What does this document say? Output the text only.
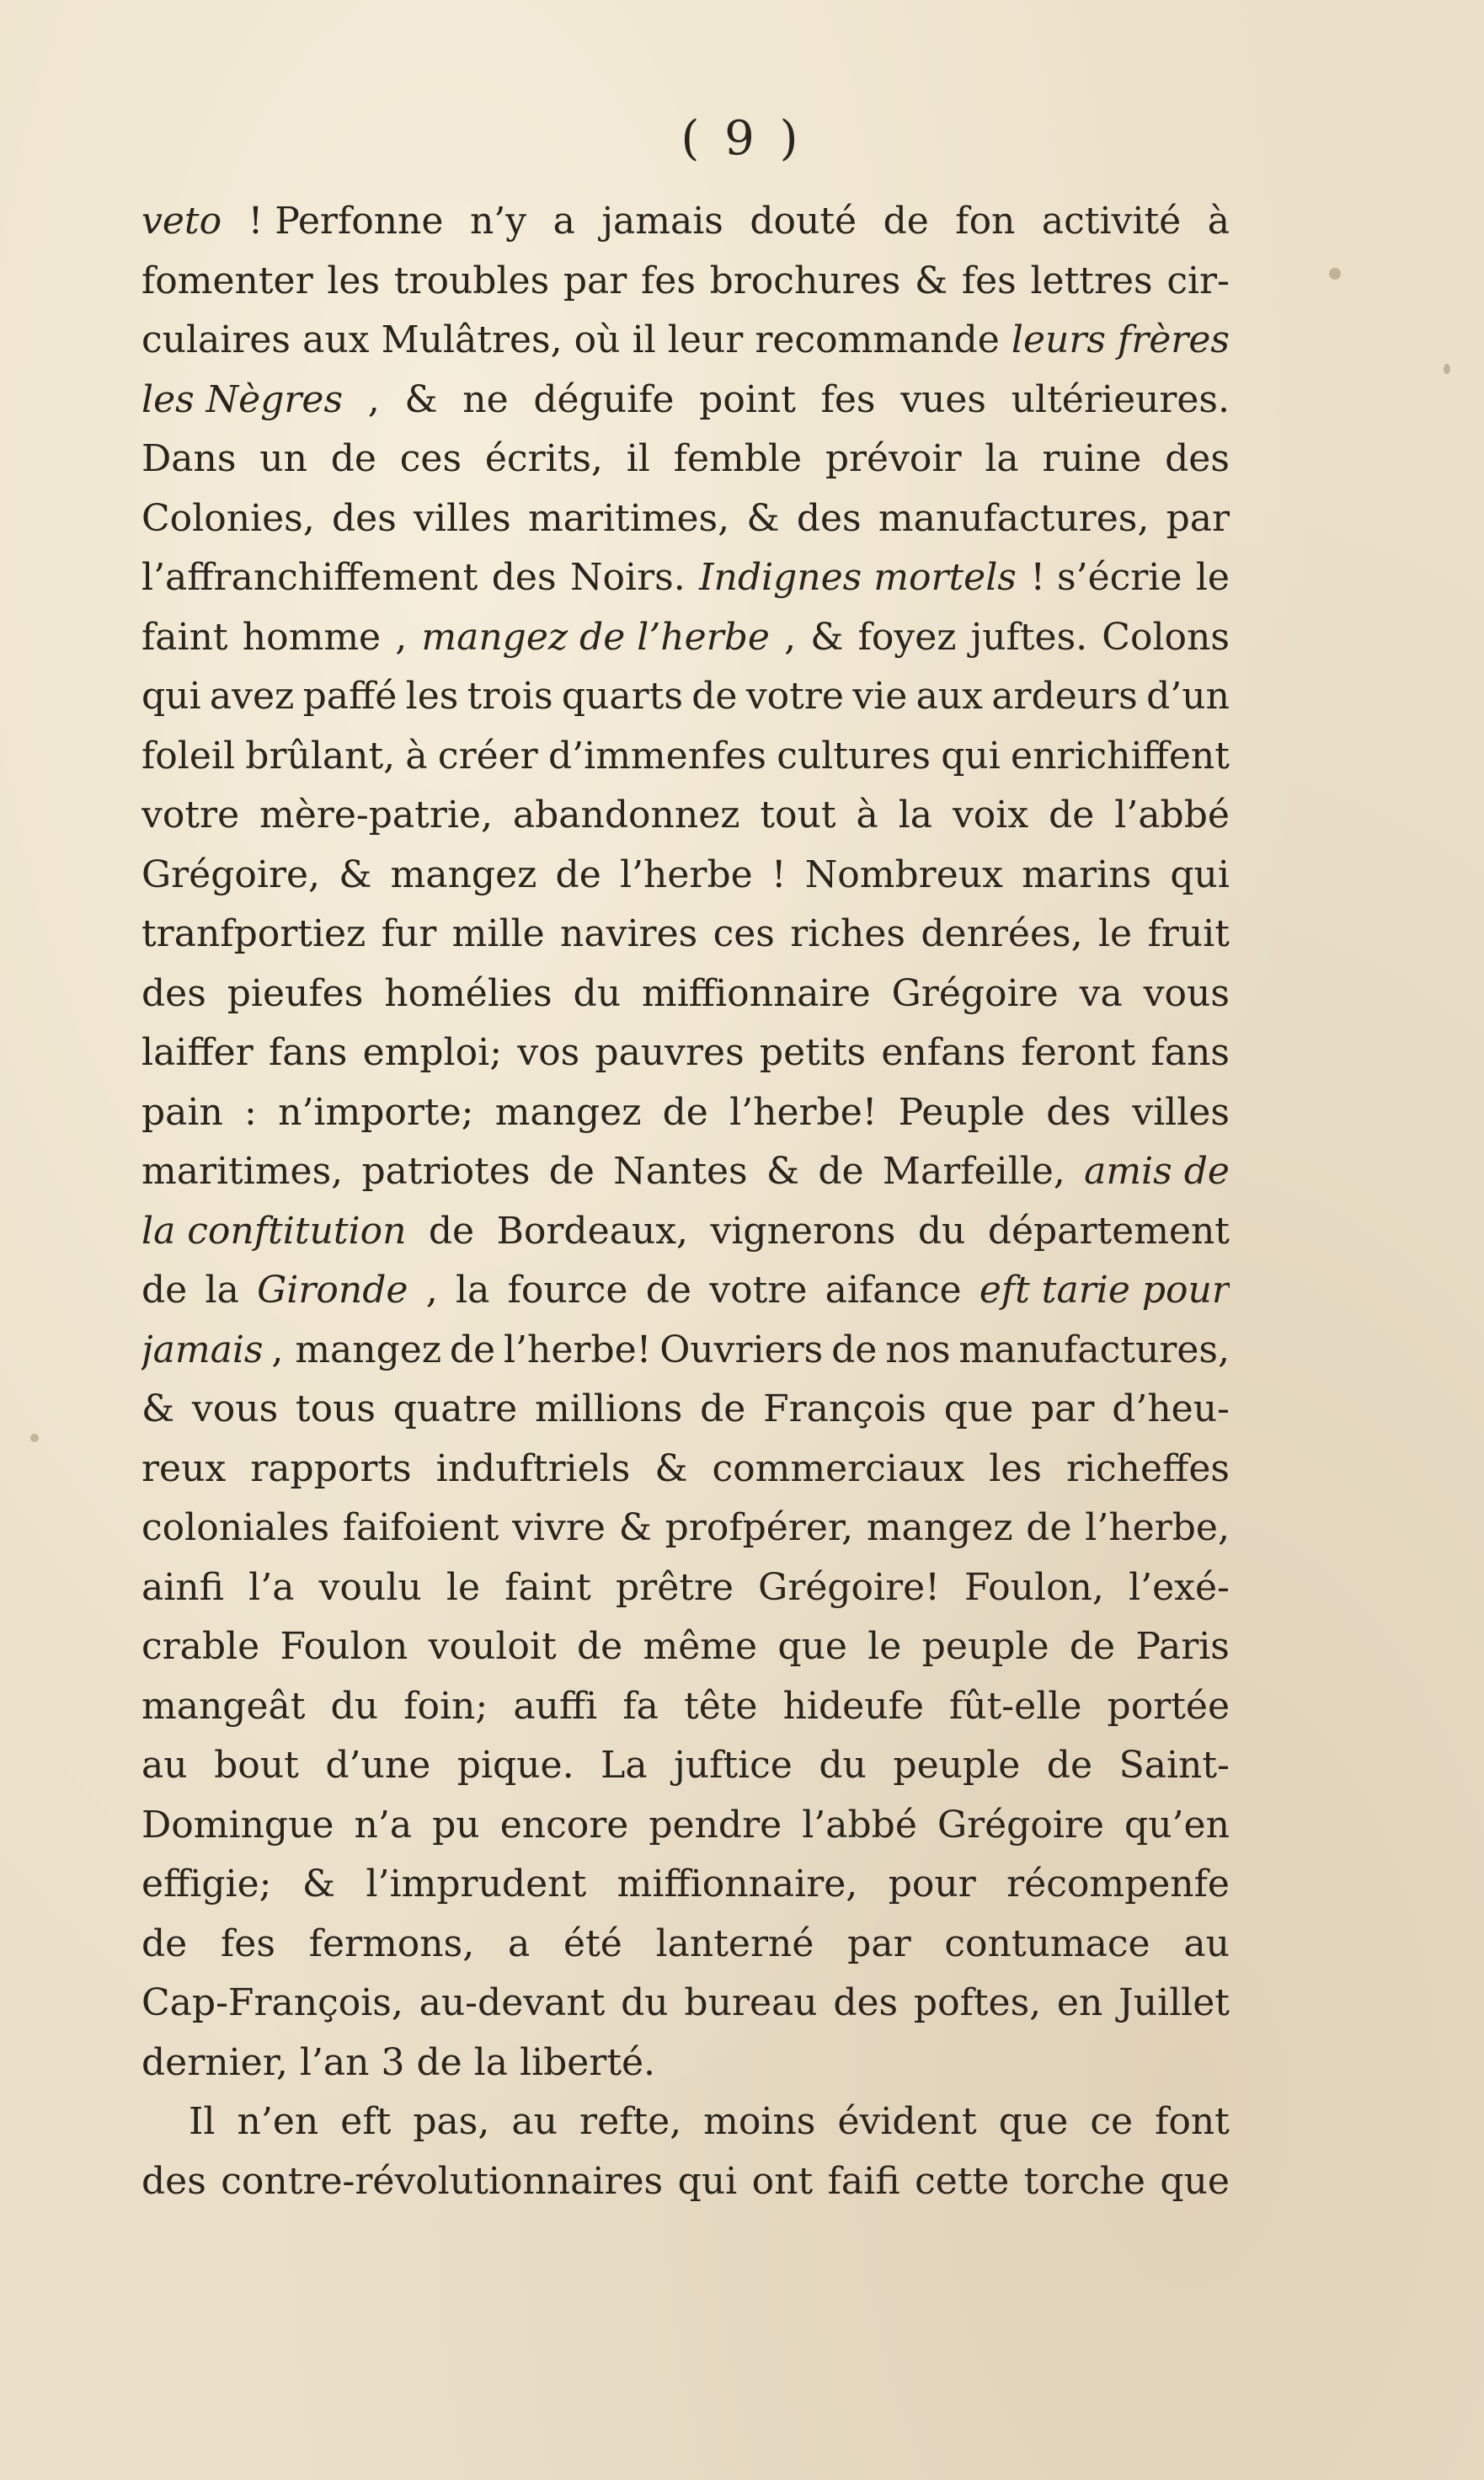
( 9 )
veto ! Perfonne n’y a jamais douté de fon activité à
fomenter les troubles par fes brochures & fes lettres cir-
culaires aux Mulâtres, où il leur recommande leurs frères
les Nègres , & ne déguife point fes vues ultérieures.
Dans un de ces écrits, il femble prévoir la ruine des
Colonies, des villes maritimes, & des manufactures, par
l’affranchiffement des Noirs. Indignes mortels ! s’écrie le
faint homme , mangez de l’herbe , & foyez juftes. Colons
qui avez paffé les trois quarts de votre vie aux ardeurs d’un
foleil brûlant, à créer d’immenfes cultures qui enrichiffent
votre mère-patrie, abandonnez tout à la voix de l’abbé
Grégoire, & mangez de l’herbe ! Nombreux marins qui
tranfportiez fur mille navires ces riches denrées, le fruit
des pieufes homélies du miffionnaire Grégoire va vous
laiffer fans emploi; vos pauvres petits enfans feront fans
pain : n’importe; mangez de l’herbe! Peuple des villes
maritimes, patriotes de Nantes & de Marfeille, amis de
la conftitution de Bordeaux, vignerons du département
de la Gironde , la fource de votre aifance eft tarie pour
jamais , mangez de l’herbe! Ouvriers de nos manufactures,
& vous tous quatre millions de François que par d’heu-
reux rapports induftriels & commerciaux les richeffes
coloniales faifoient vivre & profpérer, mangez de l’herbe,
ainfi l’a voulu le faint prêtre Grégoire! Foulon, l’exé-
crable Foulon vouloit de même que le peuple de Paris
mangeât du foin; auffi fa tête hideufe fût-elle portée
au bout d’une pique. La juftice du peuple de Saint-
Domingue n’a pu encore pendre l’abbé Grégoire qu’en
effigie; & l’imprudent miffionnaire, pour récompenfe
de fes fermons, a été lanterné par contumace au
Cap-François, au-devant du bureau des poftes, en Juillet
dernier, l’an 3 de la liberté.
Il n’en eft pas, au refte, moins évident que ce font
des contre-révolutionnaires qui ont faifi cette torche que
